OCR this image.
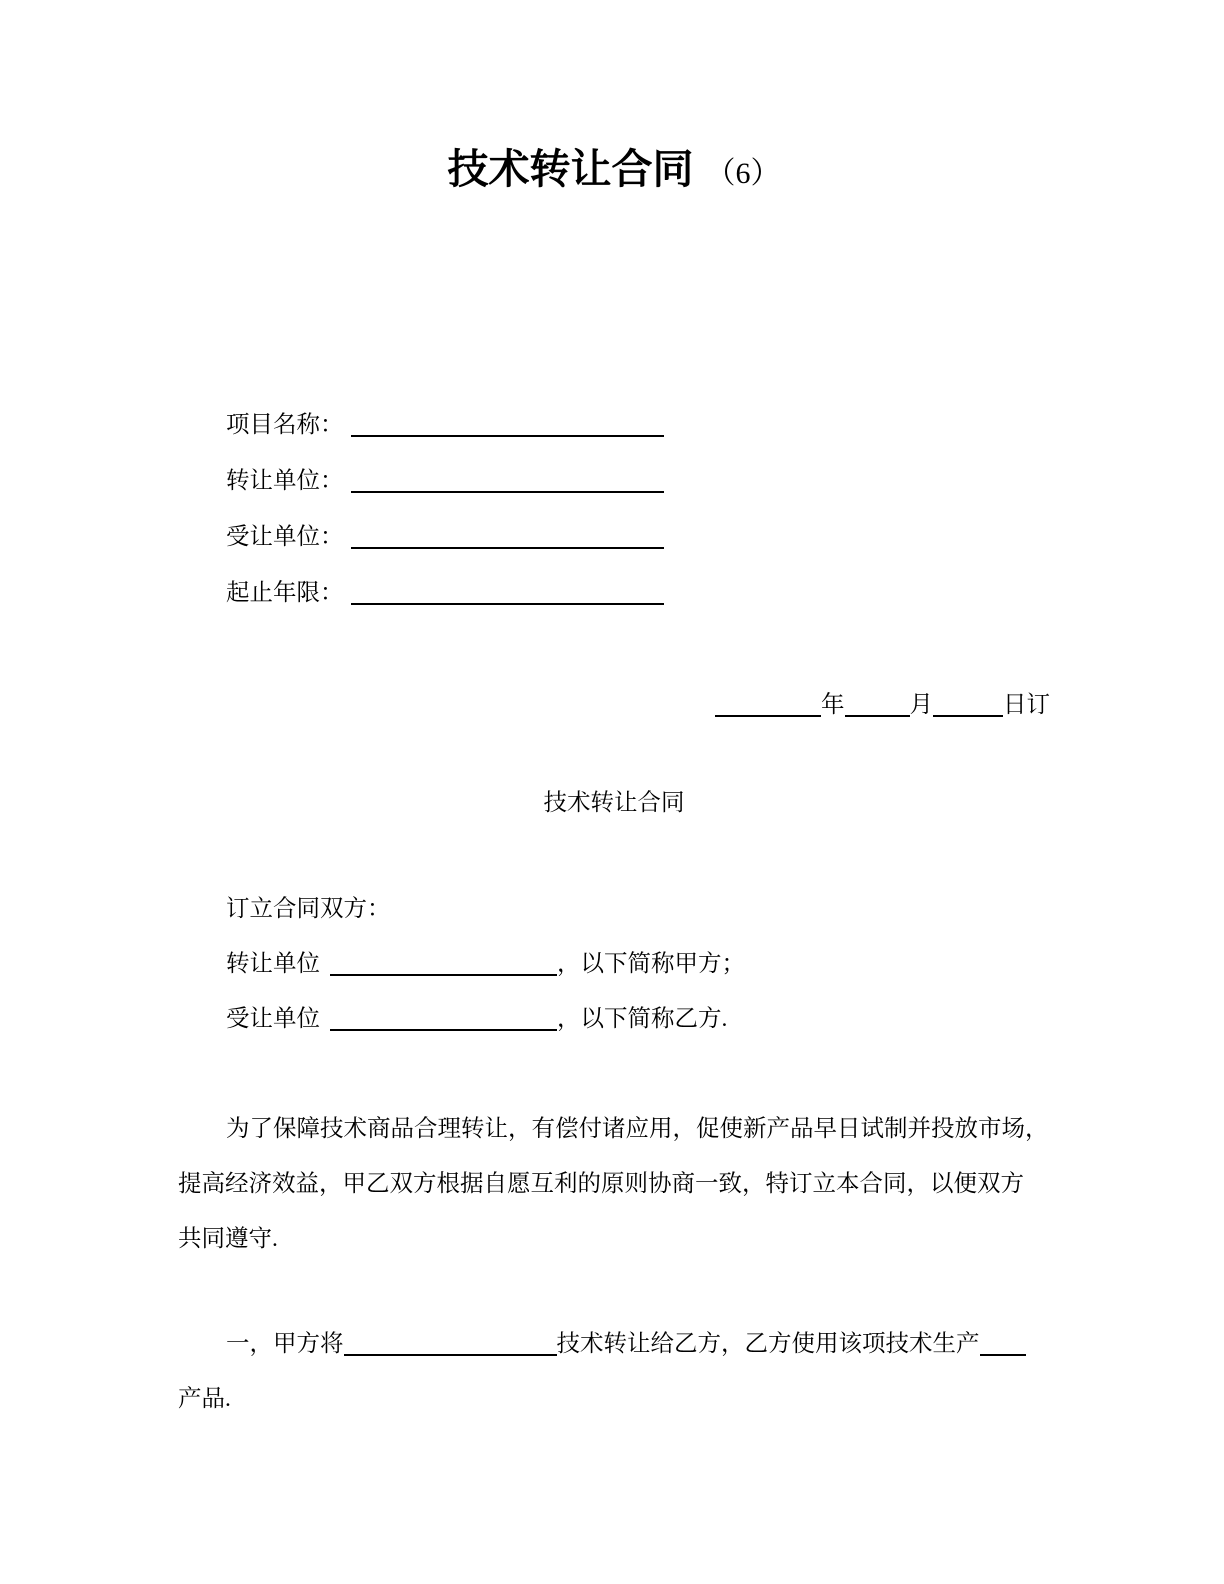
技术转让合同 （6）
项目名称：
转让单位：
受让单位：
起止年限：
年	月	日订
技术转让合同
订立合同双方：
转让单位	，以下简称甲方；
受让单位	，以下简称乙方.
为了保障技术商品合理转让，有偿付诸应用，促使新产品早日试制并投放市场，
提高经济效益，甲乙双方根据自愿互利的原则协商一致，特订立本合同，以便双方
共同遵守.
一，甲方将	技术转让给乙方，乙方使用该项技术生产
产品.
